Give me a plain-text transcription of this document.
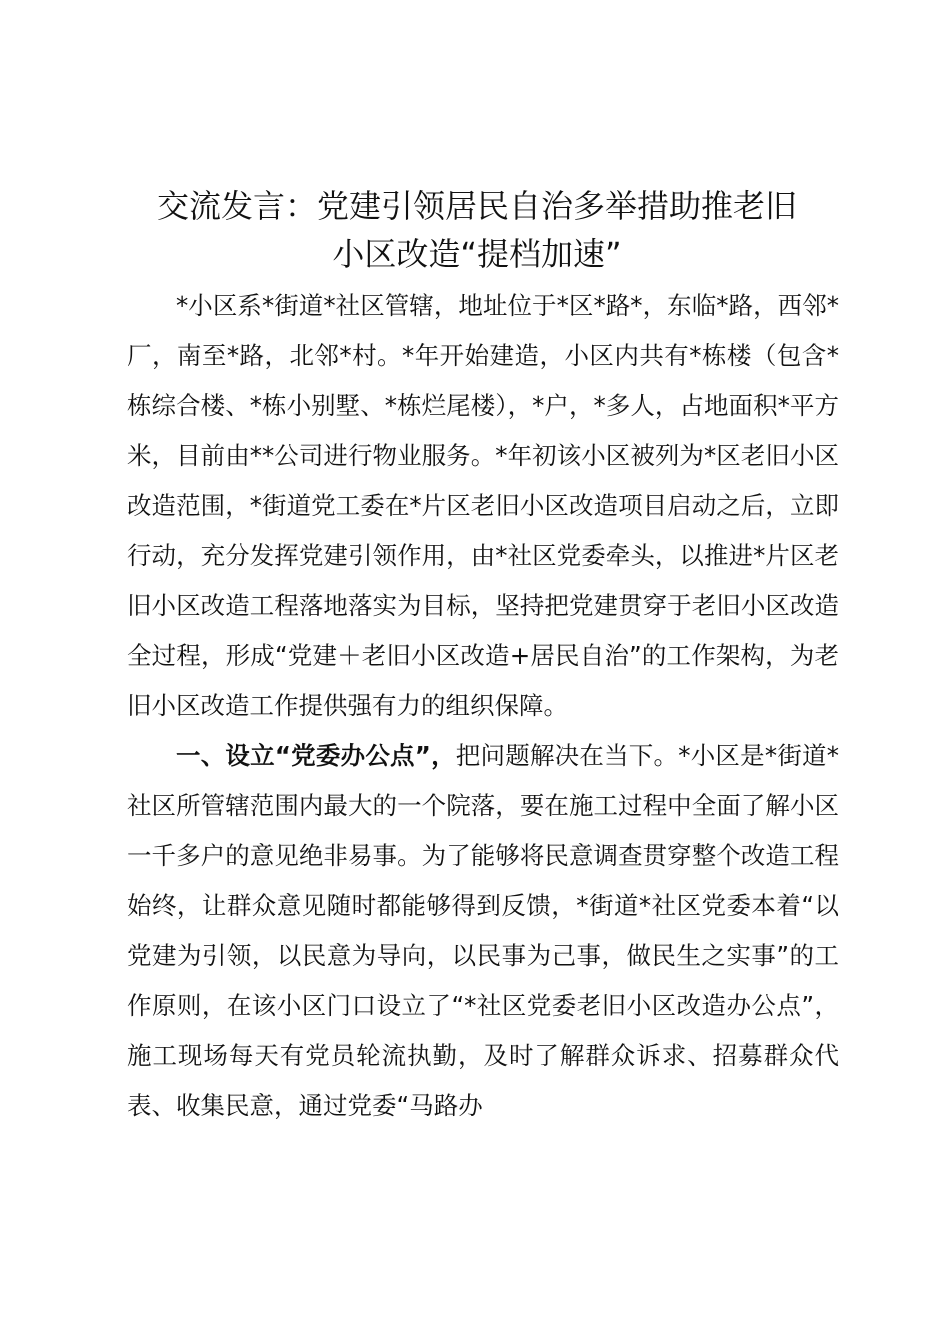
交流发言：党建引领居民自治多举措助推老旧
小区改造“提档加速”

*小区系*街道*社区管辖，地址位于*区*路*，东临*路，西邻*厂，南至*路，北邻*村。*年开始建造，小区内共有*栋楼（包含*栋综合楼、*栋小别墅、*栋烂尾楼），*户，*多人，占地面积*平方米，目前由**公司进行物业服务。*年初该小区被列为*区老旧小区改造范围，*街道党工委在*片区老旧小区改造项目启动之后，立即行动，充分发挥党建引领作用，由*社区党委牵头，以推进*片区老旧小区改造工程落地落实为目标，坚持把党建贯穿于老旧小区改造全过程，形成“党建＋老旧小区改造+居民自治”的工作架构，为老旧小区改造工作提供强有力的组织保障。

一、设立“党委办公点”，把问题解决在当下。*小区是*街道*社区所管辖范围内最大的一个院落，要在施工过程中全面了解小区一千多户的意见绝非易事。为了能够将民意调查贯穿整个改造工程始终，让群众意见随时都能够得到反馈，*街道*社区党委本着“以党建为引领，以民意为导向，以民事为己事，做民生之实事”的工作原则，在该小区门口设立了“*社区党委老旧小区改造办公点”，施工现场每天有党员轮流执勤，及时了解群众诉求、招募群众代表、收集民意，通过党委“马路办
